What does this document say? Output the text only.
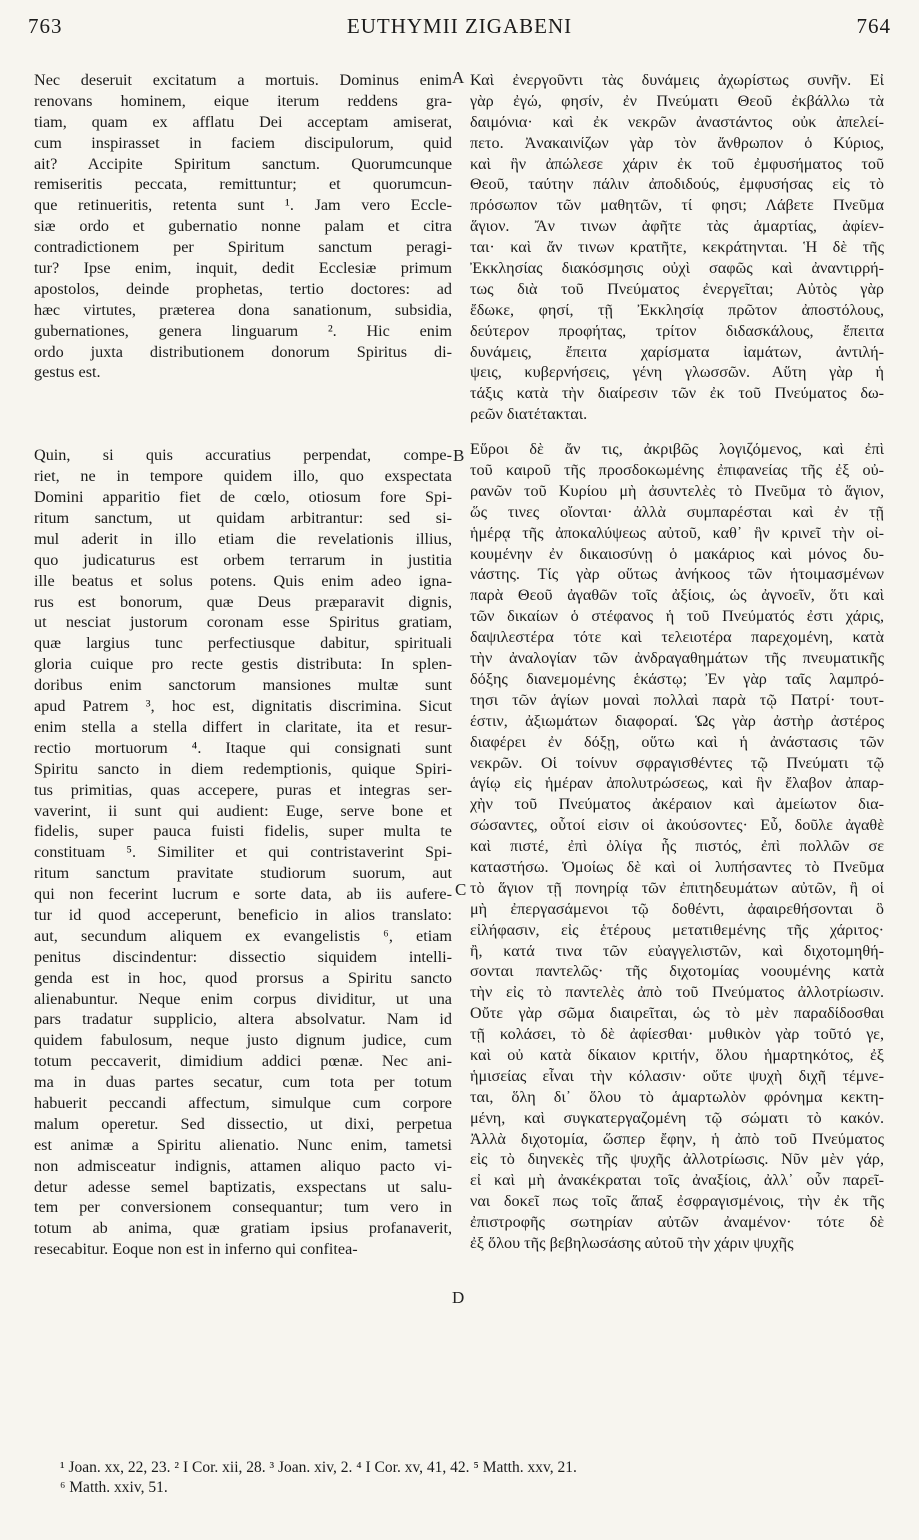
763	EUTHYMII ZIGABENI	764
Nec deseruit excitatum a mortuis. Dominus enim
renovans hominem, eique iterum reddens gra-
tiam, quam ex afflatu Dei acceptam amiserat,
cum inspirasset in faciem discipulorum, quid
ait? Accipite Spiritum sanctum. Quorumcunque
remiseritis peccata, remittuntur; et quorumcun-
que retinueritis, retenta sunt ¹. Jam vero Eccle-
siæ ordo et gubernatio nonne palam et citra
contradictionem per Spiritum sanctum peragi-
tur? Ipse enim, inquit, dedit Ecclesiæ primum
apostolos, deinde prophetas, tertio doctores: ad
hæc virtutes, præterea dona sanationum, subsidia,
gubernationes, genera linguarum ². Hic enim
ordo juxta distributionem donorum Spiritus di-
gestus est.
Quin, si quis accuratius perpendat, compe-
riet, ne in tempore quidem illo, quo exspectata
Domini apparitio fiet de cœlo, otiosum fore Spi-
ritum sanctum, ut quidam arbitrantur: sed si-
mul aderit in illo etiam die revelationis illius,
quo judicaturus est orbem terrarum in justitia
ille beatus et solus potens. Quis enim adeo igna-
rus est bonorum, quæ Deus præparavit dignis,
ut nesciat justorum coronam esse Spiritus gratiam,
quæ largius tunc perfectiusque dabitur, spirituali
gloria cuique pro recte gestis distributa: In splen-
doribus enim sanctorum mansiones multæ sunt
apud Patrem ³, hoc est, dignitatis discrimina. Sicut
enim stella a stella differt in claritate, ita et resur-
rectio mortuorum ⁴. Itaque qui consignati sunt
Spiritu sancto in diem redemptionis, quique Spiri-
tus primitias, quas accepere, puras et integras ser-
vaverint, ii sunt qui audient: Euge, serve bone et
fidelis, super pauca fuisti fidelis, super multa te
constituam ⁵. Similiter et qui contristaverint Spi-
ritum sanctum pravitate studiorum suorum, aut
qui non fecerint lucrum e sorte data, ab iis aufere-
tur id quod acceperunt, beneficio in alios translato:
aut, secundum aliquem ex evangelistis ⁶, etiam
penitus discindentur: dissectio siquidem intelli-
genda est in hoc, quod prorsus a Spiritu sancto
alienabuntur. Neque enim corpus dividitur, ut una
pars tradatur supplicio, altera absolvatur. Nam id
quidem fabulosum, neque justo dignum judice, cum
totum peccaverit, dimidium addici pœnæ. Nec ani-
ma in duas partes secatur, cum tota per totum
habuerit peccandi affectum, simulque cum corpore
malum operetur. Sed dissectio, ut dixi, perpetua
est animæ a Spiritu alienatio. Nunc enim, tametsi
non admisceatur indignis, attamen aliquo pacto vi-
detur adesse semel baptizatis, exspectans ut salu-
tem per conversionem consequantur; tum vero in
totum ab anima, quæ gratiam ipsius profanaverit,
resecabitur. Eoque non est in inferno qui confitea-
Καὶ ἐνεργοῦντι τὰς δυνάμεις ἀχωρίστως συνῆν. Εἰ
γὰρ ἐγώ, φησίν, ἐν Πνεύματι Θεοῦ ἐκβάλλω τὰ
δαιμόνια· καὶ ἐκ νεκρῶν ἀναστάντος οὐκ ἀπελεί-
πετο. Ἀνακαινίζων γὰρ τὸν ἄνθρωπον ὁ Κύριος,
καὶ ἣν ἀπώλεσε χάριν ἐκ τοῦ ἐμφυσήματος τοῦ
Θεοῦ, ταύτην πάλιν ἀποδιδούς, ἐμφυσήσας εἰς τὸ
πρόσωπον τῶν μαθητῶν, τί φησι; Λάβετε Πνεῦμα
ἅγιον. Ἄν τινων ἀφῆτε τὰς ἁμαρτίας, ἀφίεν-
ται· καὶ ἄν τινων κρατῆτε, κεκράτηνται. Ἡ δὲ τῆς
Ἐκκλησίας διακόσμησις οὐχὶ σαφῶς καὶ ἀναντιρρή-
τως διὰ τοῦ Πνεύματος ἐνεργεῖται; Αὐτὸς γὰρ
ἔδωκε, φησί, τῇ Ἐκκλησίᾳ πρῶτον ἀποστόλους,
δεύτερον προφήτας, τρίτον διδασκάλους, ἔπειτα
δυνάμεις, ἔπειτα χαρίσματα ἰαμάτων, ἀντιλή-
ψεις, κυβερνήσεις, γένη γλωσσῶν. Αὕτη γὰρ ἡ
τάξις κατὰ τὴν διαίρεσιν τῶν ἐκ τοῦ Πνεύματος δω-
ρεῶν διατέτακται.
Εὕροι δὲ ἄν τις, ἀκριβῶς λογιζόμενος, καὶ ἐπὶ
τοῦ καιροῦ τῆς προσδοκωμένης ἐπιφανείας τῆς ἐξ οὐ-
ρανῶν τοῦ Κυρίου μὴ ἀσυντελὲς τὸ Πνεῦμα τὸ ἅγιον,
ὥς τινες οἴονται· ἀλλὰ συμπαρέσται καὶ ἐν τῇ
ἡμέρᾳ τῆς ἀποκαλύψεως αὐτοῦ, καθ᾽ ἣν κρινεῖ τὴν οἰ-
κουμένην ἐν δικαιοσύνῃ ὁ μακάριος καὶ μόνος δυ-
νάστης. Τίς γὰρ οὕτως ἀνήκοος τῶν ἡτοιμασμένων
παρὰ Θεοῦ ἀγαθῶν τοῖς ἀξίοις, ὡς ἀγνοεῖν, ὅτι καὶ
τῶν δικαίων ὁ στέφανος ἡ τοῦ Πνεύματός ἐστι χάρις,
δαψιλεστέρα τότε καὶ τελειοτέρα παρεχομένη, κατὰ
τὴν ἀναλογίαν τῶν ἀνδραγαθημάτων τῆς πνευματικῆς
δόξης διανεμομένης ἑκάστῳ; Ἐν γὰρ ταῖς λαμπρό-
τησι τῶν ἁγίων μοναὶ πολλαὶ παρὰ τῷ Πατρί· τουτ-
έστιν, ἀξιωμάτων διαφοραί. Ὡς γὰρ ἀστὴρ ἀστέρος
διαφέρει ἐν δόξῃ, οὕτω καὶ ἡ ἀνάστασις τῶν
νεκρῶν. Οἱ τοίνυν σφραγισθέντες τῷ Πνεύματι τῷ
ἁγίῳ εἰς ἡμέραν ἀπολυτρώσεως, καὶ ἣν ἔλαβον ἀπαρ-
χὴν τοῦ Πνεύματος ἀκέραιον καὶ ἀμείωτον δια-
σώσαντες, οὗτοί εἰσιν οἱ ἀκούσοντες· Εὖ, δοῦλε ἀγαθὲ
καὶ πιστέ, ἐπὶ ὀλίγα ἦς πιστός, ἐπὶ πολλῶν σε
καταστήσω. Ὁμοίως δὲ καὶ οἱ λυπήσαντες τὸ Πνεῦμα
τὸ ἅγιον τῇ πονηρίᾳ τῶν ἐπιτηδευμάτων αὐτῶν, ἢ οἱ
μὴ ἐπεργασάμενοι τῷ δοθέντι, ἀφαιρεθήσονται ὃ
εἰλήφασιν, εἰς ἑτέρους μετατιθεμένης τῆς χάριτος·
ἢ, κατά τινα τῶν εὐαγγελιστῶν, καὶ διχοτομηθή-
σονται παντελῶς· τῆς διχοτομίας νοουμένης κατὰ
τὴν εἰς τὸ παντελὲς ἀπὸ τοῦ Πνεύματος ἀλλοτρίωσιν.
Οὔτε γὰρ σῶμα διαιρεῖται, ὡς τὸ μὲν παραδίδοσθαι
τῇ κολάσει, τὸ δὲ ἀφίεσθαι· μυθικὸν γὰρ τοῦτό γε,
καὶ οὐ κατὰ δίκαιον κριτήν, ὅλου ἡμαρτηκότος, ἐξ
ἡμισείας εἶναι τὴν κόλασιν· οὔτε ψυχὴ διχῆ τέμνε-
ται, ὅλη δι᾽ ὅλου τὸ ἁμαρτωλὸν φρόνημα κεκτη-
μένη, καὶ συγκατεργαζομένη τῷ σώματι τὸ κακόν.
Ἀλλὰ διχοτομία, ὥσπερ ἔφην, ἡ ἀπὸ τοῦ Πνεύματος
εἰς τὸ διηνεκὲς τῆς ψυχῆς ἀλλοτρίωσις. Νῦν μὲν γάρ,
εἰ καὶ μὴ ἀνακέκραται τοῖς ἀναξίοις, ἀλλ᾽ οὖν παρεῖ-
ναι δοκεῖ πως τοῖς ἅπαξ ἐσφραγισμένοις, τὴν ἐκ τῆς
ἐπιστροφῆς σωτηρίαν αὐτῶν ἀναμένον· τότε δὲ
ἐξ ὅλου τῆς βεβηλωσάσης αὐτοῦ τὴν χάριν ψυχῆς
A
B
C
D
¹ Joan. xx, 22, 23. ² I Cor. xii, 28. ³ Joan. xiv, 2. ⁴ I Cor. xv, 41, 42. ⁵ Matth. xxv, 21.
⁶ Matth. xxiv, 51.
